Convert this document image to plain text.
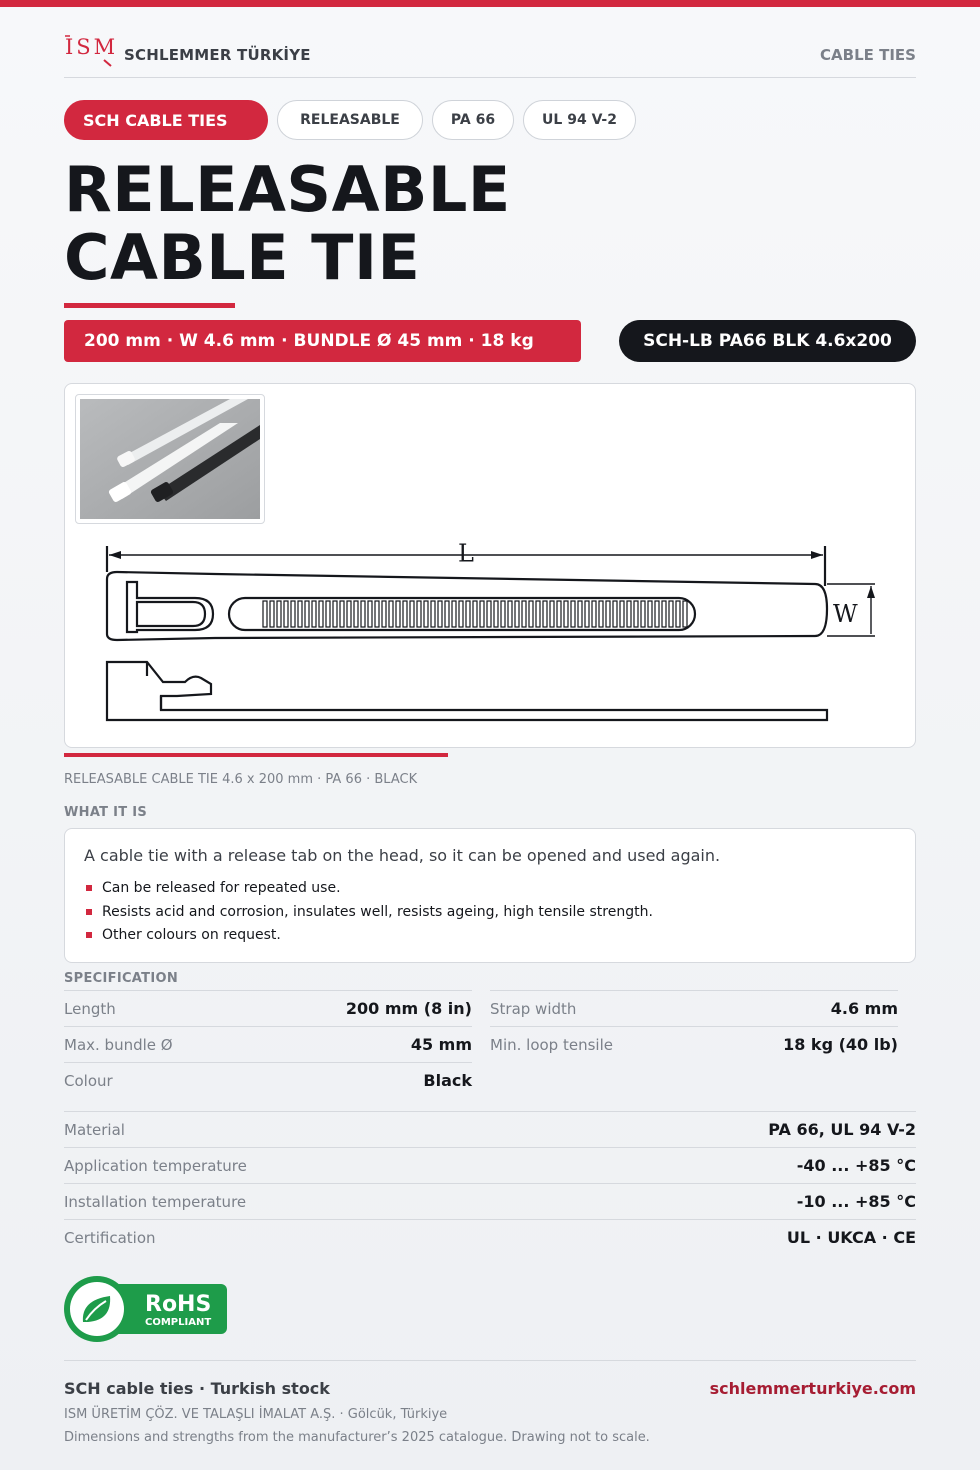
ISM SCHLEMMER TÜRKİYE	CABLE TIES
SCH CABLE TIES	RELEASABLE	PA 66	UL 94 V-2
RELEASABLE
CABLE TIE
200 mm · W 4.6 mm · BUNDLE Ø 45 mm · 18 kg	SCH-LB PA66 BLK 4.6x200
L
W
RELEASABLE CABLE TIE 4.6 x 200 mm · PA 66 · BLACK
WHAT IT IS
A cable tie with a release tab on the head, so it can be opened and used again.
Can be released for repeated use.
Resists acid and corrosion, insulates well, resists ageing, high tensile strength.
Other colours on request.
SPECIFICATION
Length	200 mm (8 in)
Max. bundle Ø	45 mm
Colour	Black
Strap width	4.6 mm
Min. loop tensile	18 kg (40 lb)
Material	PA 66, UL 94 V-2
Application temperature	-40 ... +85 °C
Installation temperature	-10 ... +85 °C
Certification	UL · UKCA · CE
RoHS
COMPLIANT
SCH cable ties · Turkish stock	schlemmerturkiye.com
ISM ÜRETİM ÇÖZ. VE TALAŞLI İMALAT A.Ş. · Gölcük, Türkiye
Dimensions and strengths from the manufacturer’s 2025 catalogue. Drawing not to scale.
